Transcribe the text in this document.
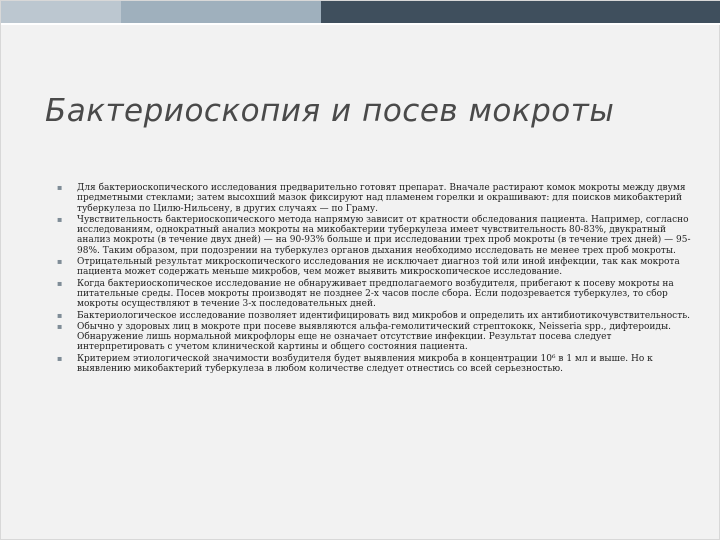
Бактериоскопия и посев мокроты
▪ Для бактериоскопического исследования предварительно готовят препарат. Вначале растирают комок мокроты между двумя предметными стеклами; затем высохший мазок фиксируют над пламенем горелки и окрашивают: для поисков микобактерий туберкулеза по Цилю-Нильсену, в других случаях — по Граму.
▪ Чувствительность бактериоскопического метода напрямую зависит от кратности обследования пациента. Например, согласно исследованиям, однократный анализ мокроты на микобактерии туберкулеза имеет чувствительность 80-83%, двукратный анализ мокроты (в течение двух дней) — на 90-93% больше и при исследовании трех проб мокроты (в течение трех дней) — 95-98%. Таким образом, при подозрении на туберкулез органов дыхания необходимо исследовать не менее трех проб мокроты.
▪ Отрицательный результат микроскопического исследования не исключает диагноз той или иной инфекции, так как мокрота пациента может содержать меньше микробов, чем может выявить микроскопическое исследование.
▪ Когда бактериоскопическое исследование не обнаруживает предполагаемого возбудителя, прибегают к посеву мокроты на питательные среды. Посев мокроты производят не позднее 2-х часов после сбора. Если подозревается туберкулез, то сбор мокроты осуществляют в течение 3-х последовательных дней.
▪ Бактериологическое исследование позволяет идентифицировать вид микробов и определить их антибиотикочувствительность.
▪ Обычно у здоровых лиц в мокроте при посеве выявляются альфа-гемолитический стрептококк, Neisseria spp., дифтероиды. Обнаружение лишь нормальной микрофлоры еще не означает отсутствие инфекции. Результат посева следует интерпретировать с учетом клинической картины и общего состояния пациента.
▪ Критерием этиологической значимости возбудителя будет выявления микроба в концентрации 10⁶ в 1 мл и выше. Но к выявлению микобактерий туберкулеза в любом количестве следует отнестись со всей серьезностью.
